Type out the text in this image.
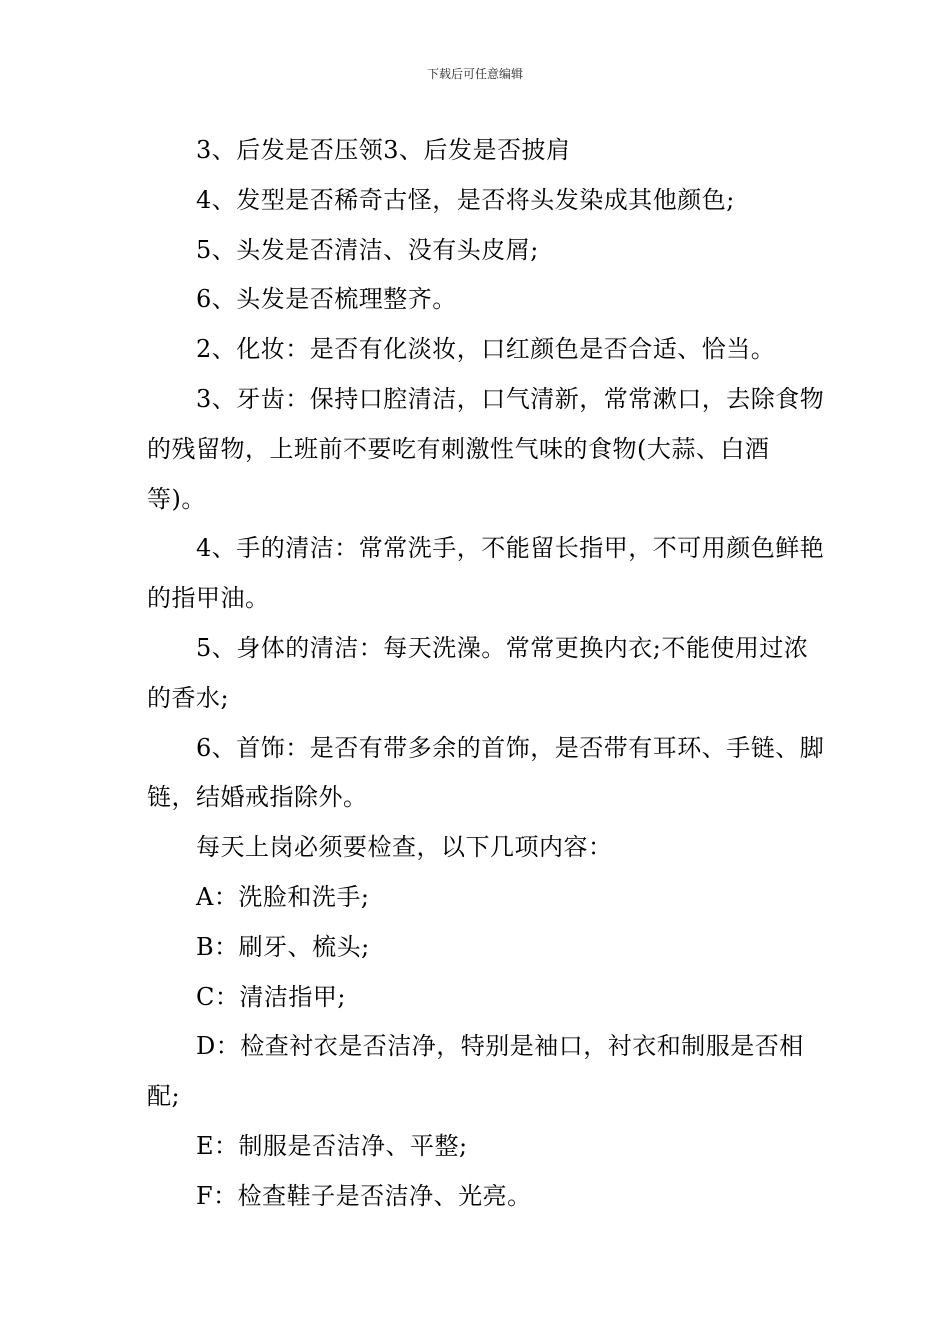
下载后可任意编辑

3、后发是否压领3、后发是否披肩

4、发型是否稀奇古怪，是否将头发染成其他颜色;

5、头发是否清洁、没有头皮屑;

6、头发是否梳理整齐。

2、化妆：是否有化淡妆，口红颜色是否合适、恰当。

3、牙齿：保持口腔清洁，口气清新，常常漱口，去除食物的残留物，上班前不要吃有刺激性气味的食物(大蒜、白酒等)。

4、手的清洁：常常洗手，不能留长指甲，不可用颜色鲜艳的指甲油。

5、身体的清洁：每天洗澡。常常更换内衣;不能使用过浓的香水;

6、首饰：是否有带多余的首饰，是否带有耳环、手链、脚链，结婚戒指除外。

每天上岗必须要检查，以下几项内容：

A：洗脸和洗手;

B：刷牙、梳头;

C：清洁指甲;

D：检查衬衣是否洁净，特别是袖口，衬衣和制服是否相配;

E：制服是否洁净、平整;

F：检查鞋子是否洁净、光亮。
